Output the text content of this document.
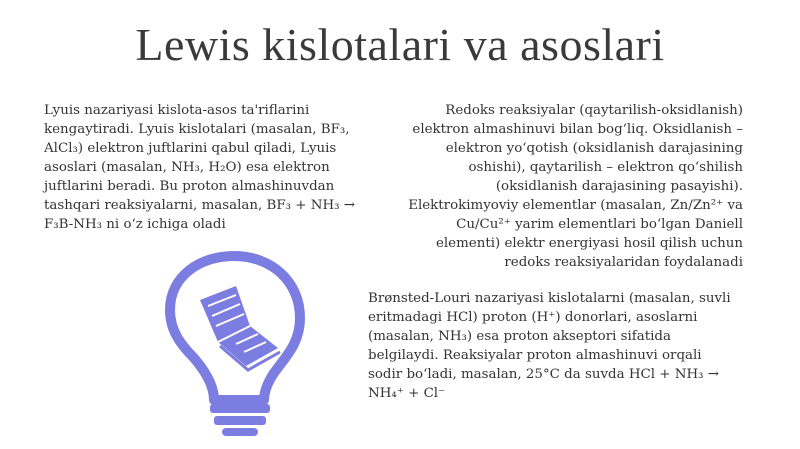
Lewis kislotalari va asoslari
Lyuis nazariyasi kislota-asos ta'riflarini kengaytiradi. Lyuis kislotalari (masalan, BF₃, AlCl₃) elektron juftlarini qabul qiladi, Lyuis asoslari (masalan, NH₃, H₂O) esa elektron juftlarini beradi. Bu proton almashinuvdan tashqari reaksiyalarni, masalan, BF₃ + NH₃ → F₃B-NH₃ ni oʻz ichiga oladi
Redoks reaksiyalar (qaytarilish-oksidlanish) elektron almashinuvi bilan bogʻliq. Oksidlanish – elektron yoʻqotish (oksidlanish darajasining oshishi), qaytarilish – elektron qoʻshilish (oksidlanish darajasining pasayishi). Elektrokimyoviy elementlar (masalan, Zn/Zn²⁺ va Cu/Cu²⁺ yarim elementlari boʻlgan Daniell elementi) elektr energiyasi hosil qilish uchun redoks reaksiyalaridan foydalanadi
Brønsted-Louri nazariyasi kislotalarni (masalan, suvli eritmadagi HCl) proton (H⁺) donorlari, asoslarni (masalan, NH₃) esa proton akseptori sifatida belgilaydi. Reaksiyalar proton almashinuvi orqali sodir boʻladi, masalan, 25°C da suvda HCl + NH₃ → NH₄⁺ + Cl⁻
